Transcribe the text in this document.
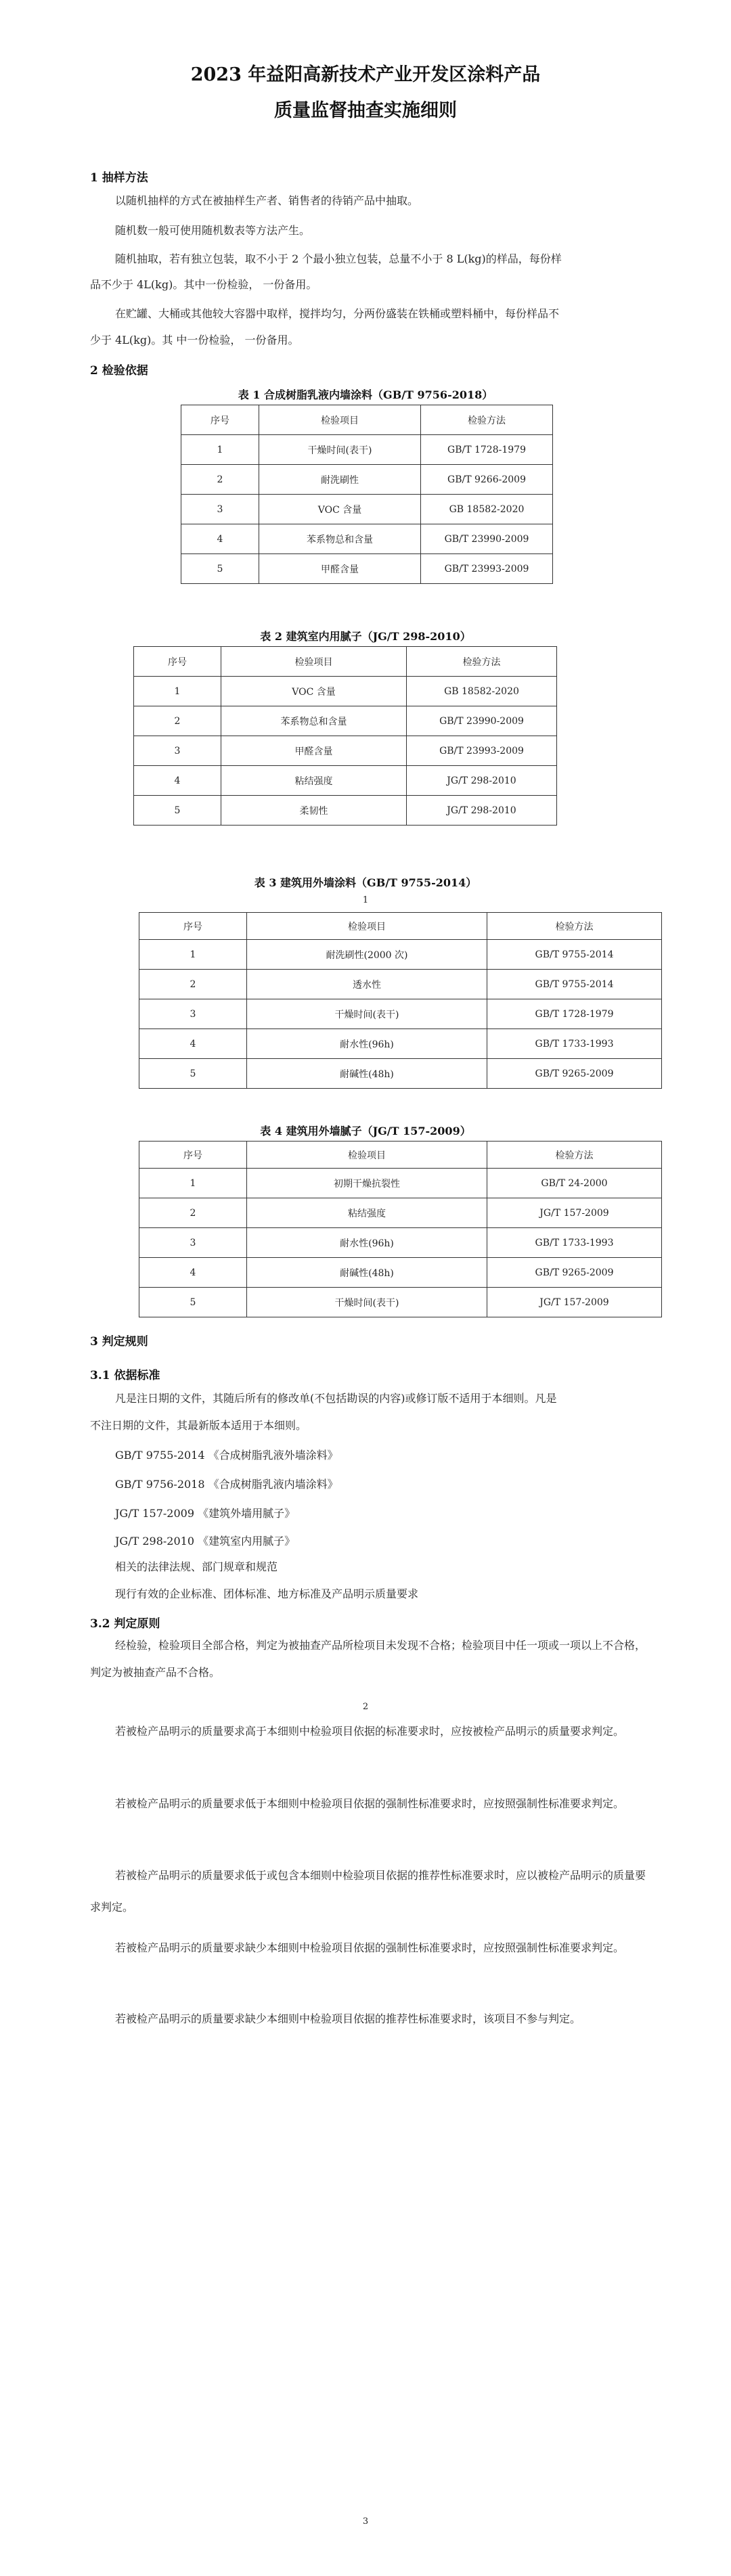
2023 年益阳高新技术产业开发区涂料产品
质量监督抽查实施细则
1 抽样方法
以随机抽样的方式在被抽样生产者、销售者的待销产品中抽取。
随机数一般可使用随机数表等方法产生。
随机抽取，若有独立包装，取不小于 2 个最小独立包装，总量不小于 8 L(kg)的样品，每份样
品不少于 4L(kg)。其中一份检验， 一份备用。
在贮罐、大桶或其他较大容器中取样，搅拌均匀，分两份盛装在铁桶或塑料桶中，每份样品不
少于 4L(kg)。其 中一份检验， 一份备用。
2 检验依据
表 1 合成树脂乳液内墙涂料（GB/T 9756-2018）
序号	检验项目	检验方法
1	干燥时间(表干)	GB/T 1728-1979
2	耐洗刷性	GB/T 9266-2009
3	VOC 含量	GB 18582-2020
4	苯系物总和含量	GB/T 23990-2009
5	甲醛含量	GB/T 23993-2009
表 2 建筑室内用腻子（JG/T 298-2010）
序号	检验项目	检验方法
1	VOC 含量	GB 18582-2020
2	苯系物总和含量	GB/T 23990-2009
3	甲醛含量	GB/T 23993-2009
4	粘结强度	JG/T 298-2010
5	柔韧性	JG/T 298-2010
表 3 建筑用外墙涂料（GB/T 9755-2014）
1
序号	检验项目	检验方法
1	耐洗刷性(2000 次)	GB/T 9755-2014
2	透水性	GB/T 9755-2014
3	干燥时间(表干)	GB/T 1728-1979
4	耐水性(96h)	GB/T 1733-1993
5	耐碱性(48h)	GB/T 9265-2009
表 4 建筑用外墙腻子（JG/T 157-2009）
序号	检验项目	检验方法
1	初期干燥抗裂性	GB/T 24-2000
2	粘结强度	JG/T 157-2009
3	耐水性(96h)	GB/T 1733-1993
4	耐碱性(48h)	GB/T 9265-2009
5	干燥时间(表干)	JG/T 157-2009
3 判定规则
3.1 依据标准
凡是注日期的文件，其随后所有的修改单(不包括勘误的内容)或修订版不适用于本细则。凡是
不注日期的文件，其最新版本适用于本细则。
GB/T 9755-2014 《合成树脂乳液外墙涂料》
GB/T 9756-2018 《合成树脂乳液内墙涂料》
JG/T 157-2009 《建筑外墙用腻子》
JG/T 298-2010 《建筑室内用腻子》
相关的法律法规、部门规章和规范
现行有效的企业标准、团体标准、地方标准及产品明示质量要求
3.2 判定原则
经检验，检验项目全部合格，判定为被抽查产品所检项目未发现不合格；检验项目中任一项或一项以上不合格，判定为被抽查产品不合格。
2
若被检产品明示的质量要求高于本细则中检验项目依据的标准要求时，应按被检产品明示的质量要求判定。
若被检产品明示的质量要求低于本细则中检验项目依据的强制性标准要求时，应按照强制性标准要求判定。
若被检产品明示的质量要求低于或包含本细则中检验项目依据的推荐性标准要求时，应以被检产品明示的质量要求判定。
若被检产品明示的质量要求缺少本细则中检验项目依据的强制性标准要求时，应按照强制性标准要求判定。
若被检产品明示的质量要求缺少本细则中检验项目依据的推荐性标准要求时，该项目不参与判定。
3
